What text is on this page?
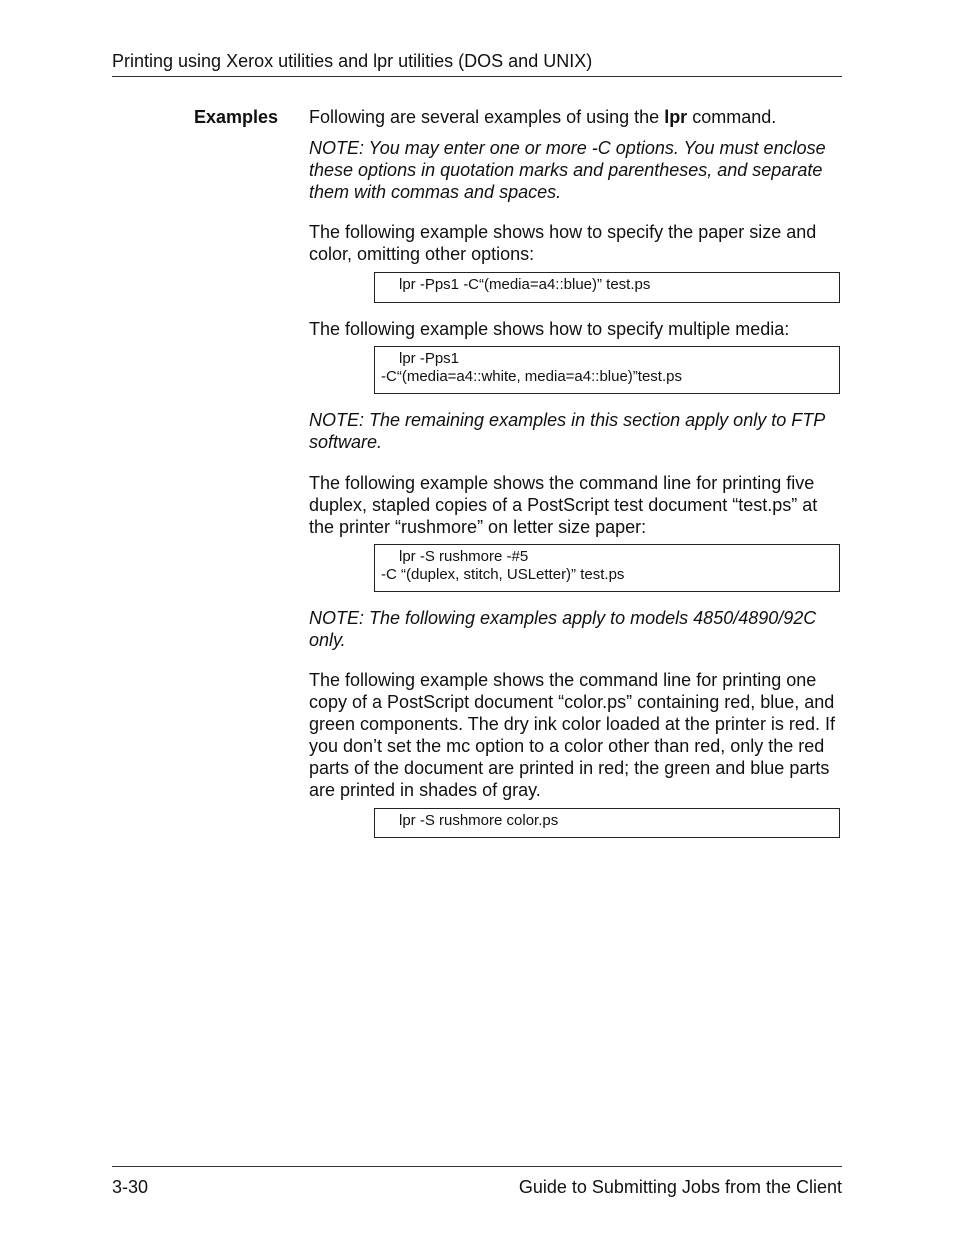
Printing using Xerox utilities and lpr utilities (DOS and UNIX)
Examples Following are several examples of using the lpr command.

NOTE: You may enter one or more -C options. You must enclose these options in quotation marks and parentheses, and separate them with commas and spaces.

The following example shows how to specify the paper size and color, omitting other options:

lpr -Pps1 -C“(media=a4::blue)” test.ps

The following example shows how to specify multiple media:

lpr -Pps1
-C“(media=a4::white, media=a4::blue)”test.ps

NOTE: The remaining examples in this section apply only to FTP software.

The following example shows the command line for printing five duplex, stapled copies of a PostScript test document “test.ps” at the printer “rushmore” on letter size paper:

lpr -S rushmore -#5
-C “(duplex, stitch, USLetter)” test.ps

NOTE: The following examples apply to models 4850/4890/92C only.

The following example shows the command line for printing one copy of a PostScript document “color.ps” containing red, blue, and green components. The dry ink color loaded at the printer is red. If you don’t set the mc option to a color other than red, only the red parts of the document are printed in red; the green and blue parts are printed in shades of gray.

lpr -S rushmore color.ps
3-30	Guide to Submitting Jobs from the Client
